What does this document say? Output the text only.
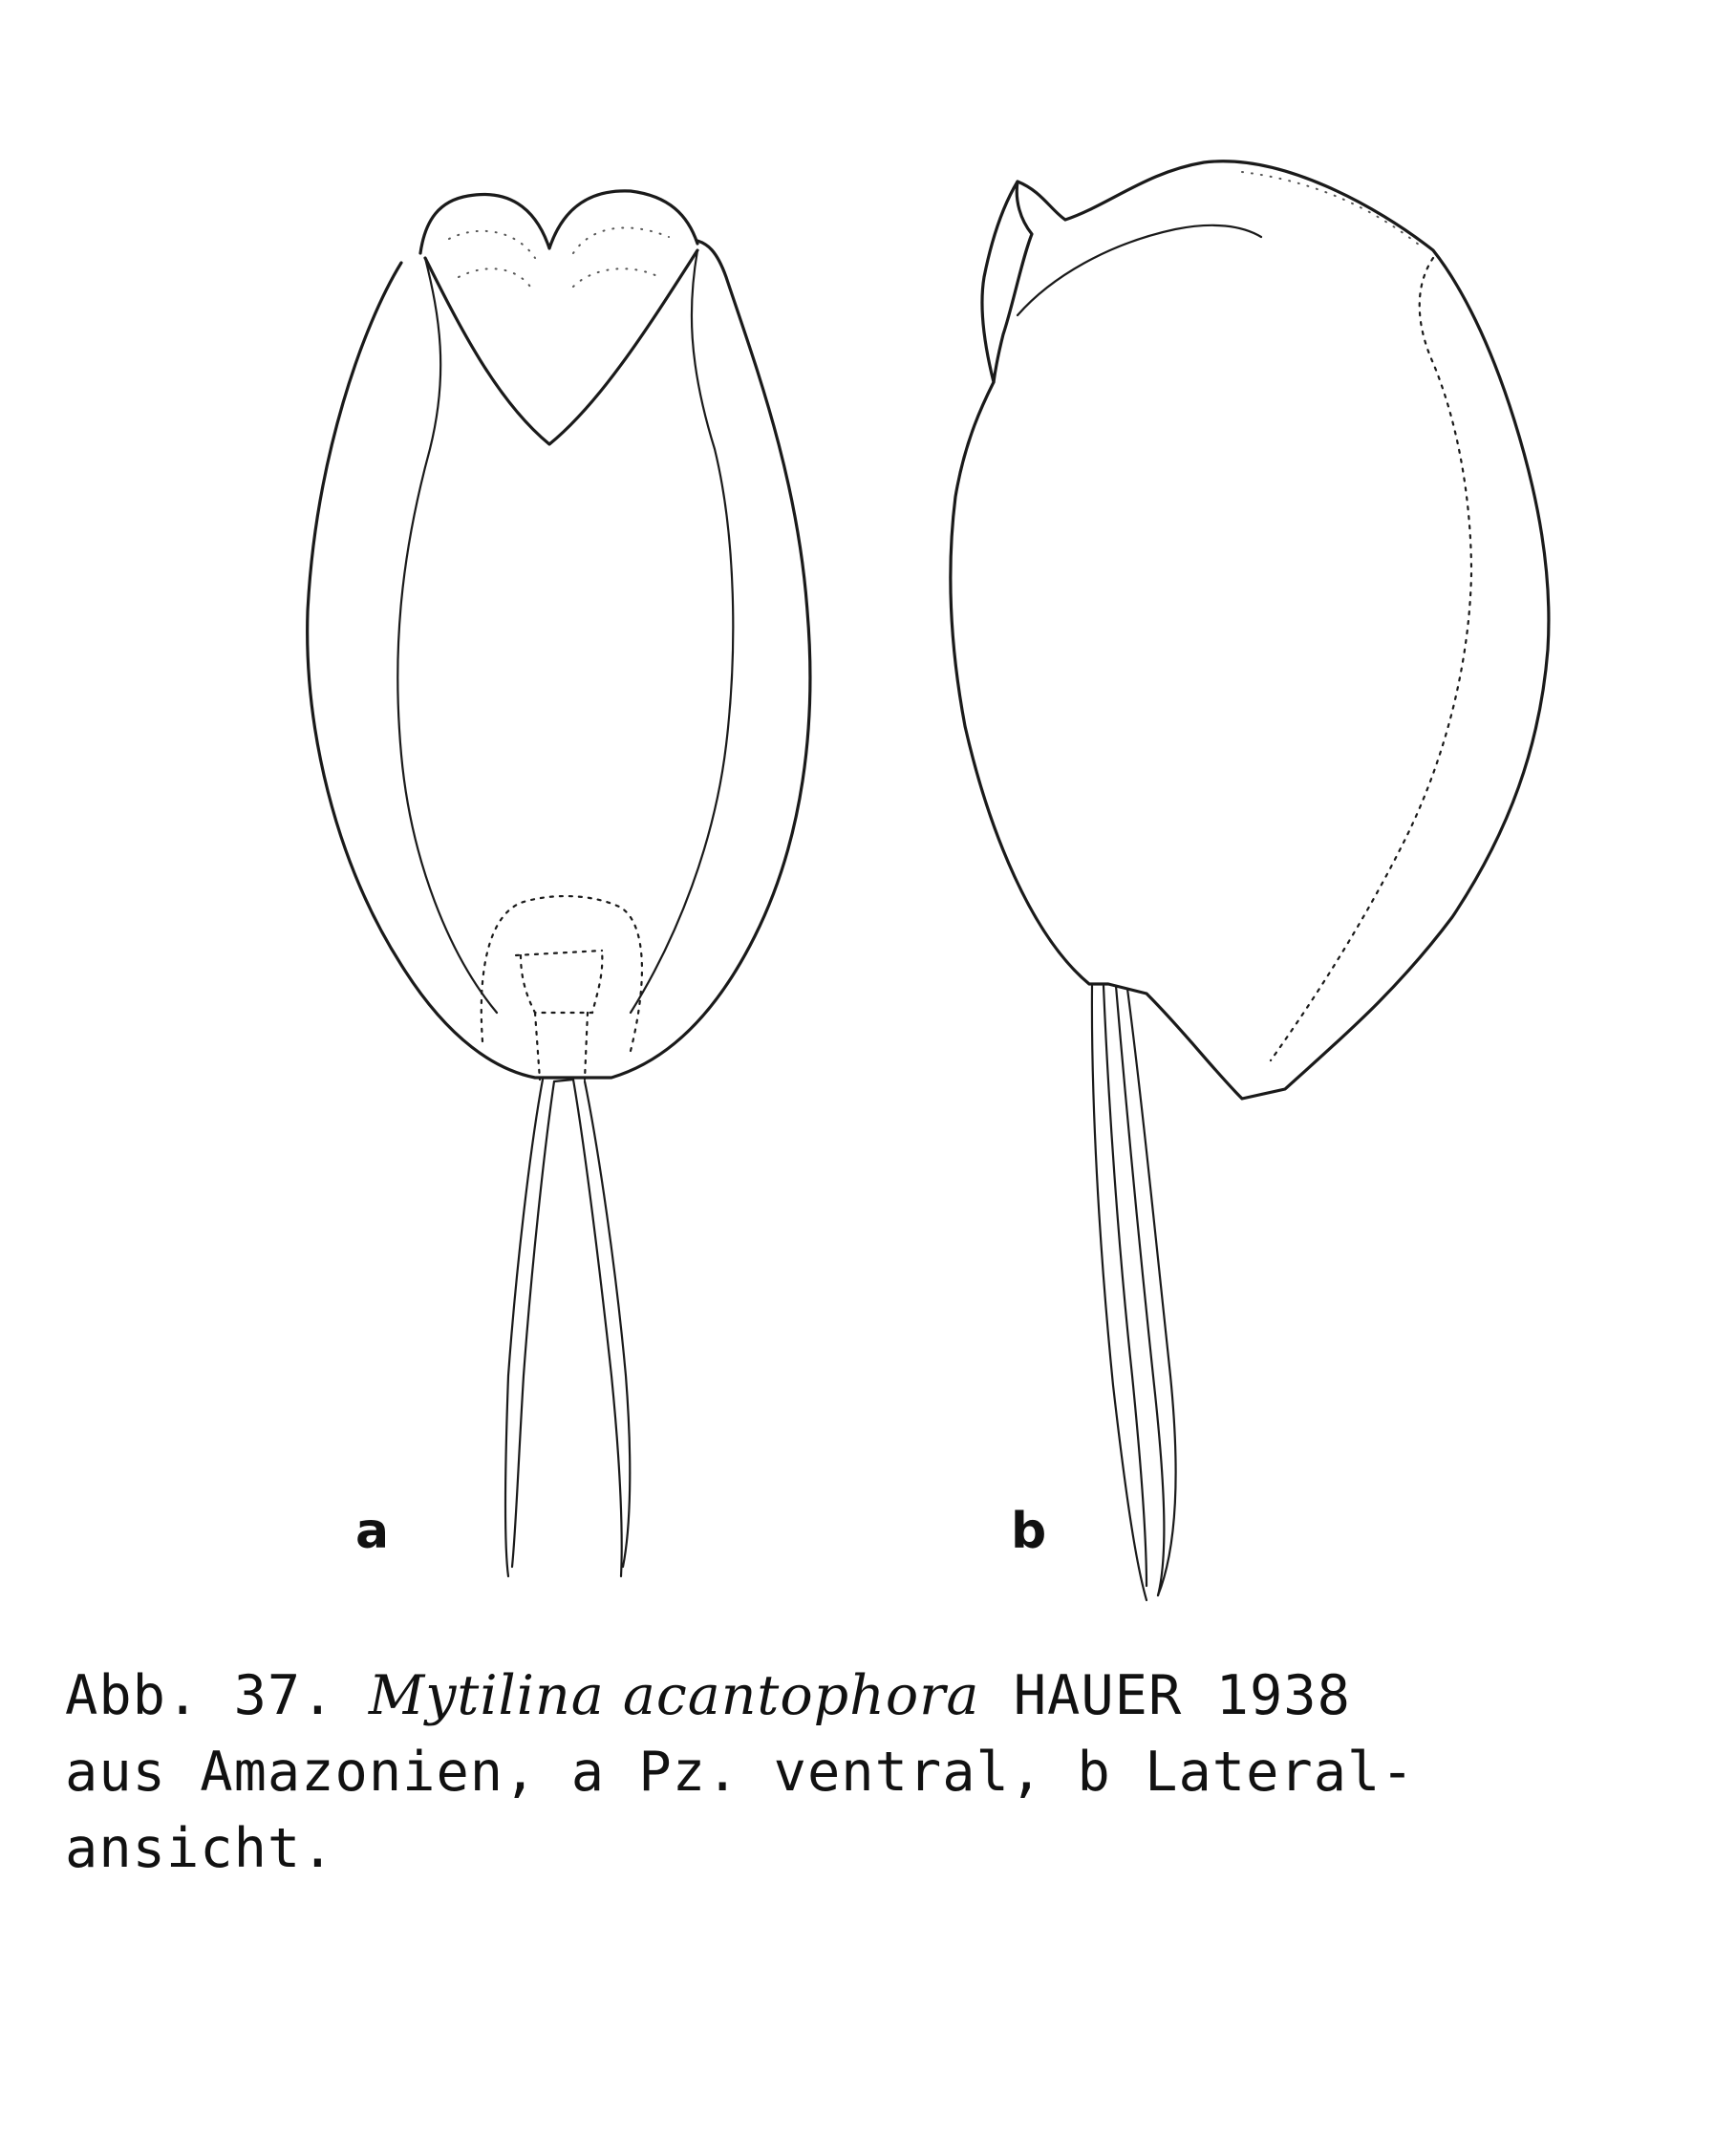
a	b
Abb. 37. Mytilina acantophora HAUER 1938
aus Amazonien, a Pz. ventral, b Lateral-
ansicht.
